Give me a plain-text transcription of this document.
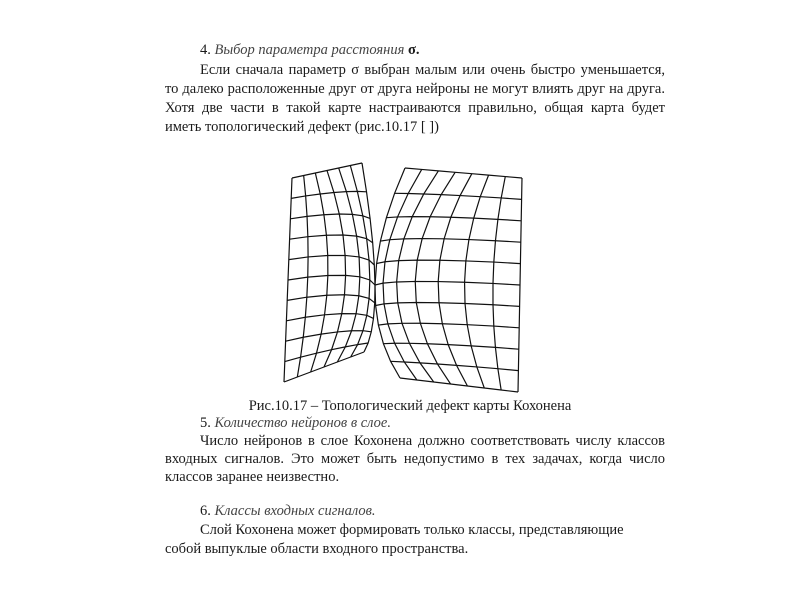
4. Выбор параметра расстояния σ.
Если сначала параметр σ выбран малым или очень быстро уменьшается,
то далеко расположенные друг от друга нейроны не могут влиять друг на друга.
Хотя две части в такой карте настраиваются правильно, общая карта будет
иметь топологический дефект (рис.10.17 [ ])
Рис.10.17 – Топологический дефект карты Кохонена
5. Количество нейронов в слое.
Число нейронов в слое Кохонена должно соответствовать числу классов
входных сигналов. Это может быть недопустимо в тех задачах, когда число
классов заранее неизвестно.
6. Классы входных сигналов.
Слой Кохонена может формировать только классы, представляющие
собой выпуклые области входного пространства.
